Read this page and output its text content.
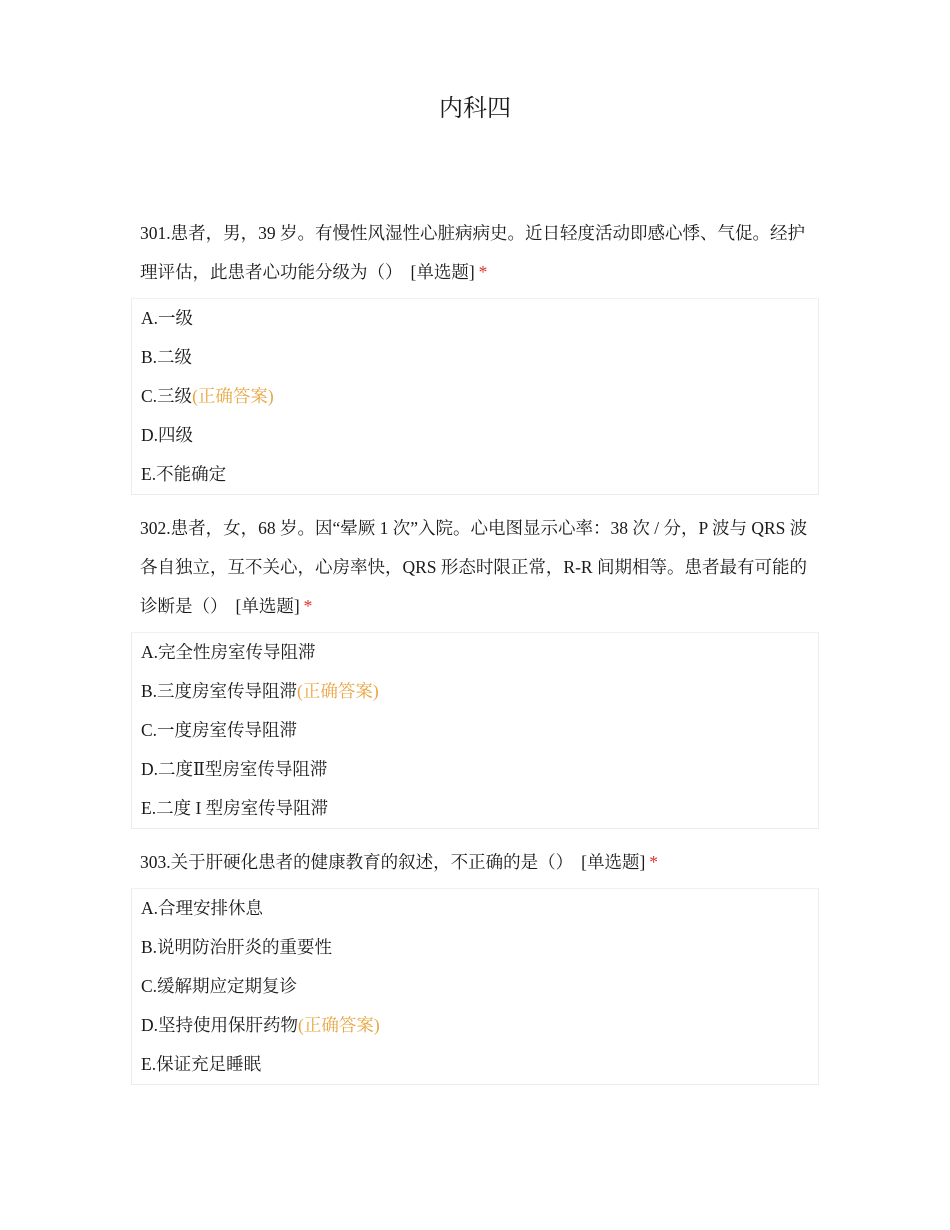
内科四

301.患者，男，39 岁。有慢性风湿性心脏病病史。近日轻度活动即感心悸、气促。经护理评估，此患者心功能分级为（） [单选题] *

A.一级
B.二级
C.三级(正确答案)
D.四级
E.不能确定

302.患者，女，68 岁。因“晕厥 1 次”入院。心电图显示心率：38 次 / 分，P 波与 QRS 波各自独立，互不关心，心房率快，QRS 形态时限正常，R-R 间期相等。患者最有可能的诊断是（） [单选题] *

A.完全性房室传导阻滞
B.三度房室传导阻滞(正确答案)
C.一度房室传导阻滞
D.二度Ⅱ型房室传导阻滞
E.二度 I 型房室传导阻滞

303.关于肝硬化患者的健康教育的叙述，不正确的是（） [单选题] *

A.合理安排休息
B.说明防治肝炎的重要性
C.缓解期应定期复诊
D.坚持使用保肝药物(正确答案)
E.保证充足睡眠
